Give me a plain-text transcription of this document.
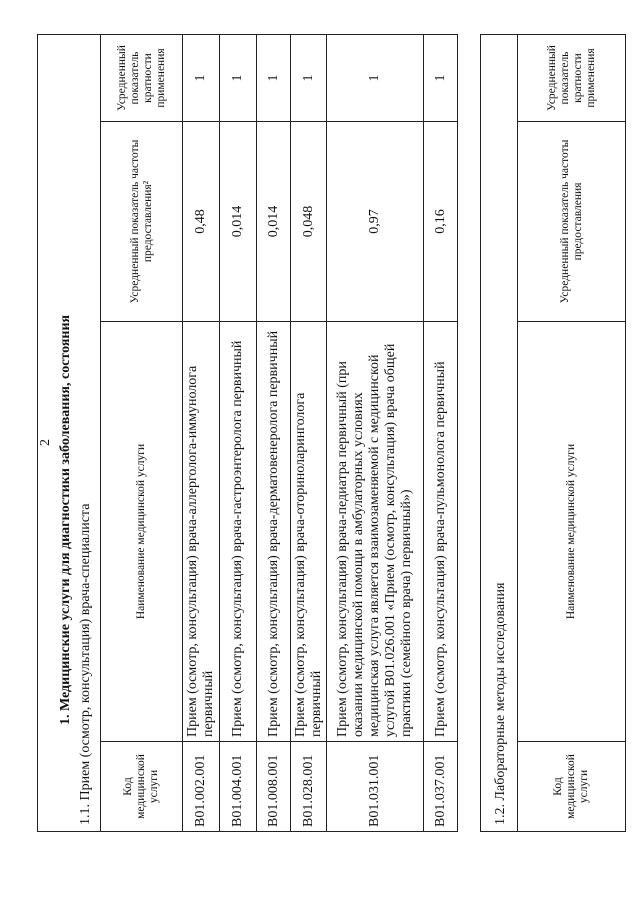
2 1. Медицинские услуги для диагностики заболевания, состояния 1.1. Прием (осмотр, консультация) врача-специалиста	Код медицинской услуги
Наименование медицинской услуги
Усредненный показатель частоты предоставления²
Усредненный показатель кратности применения
B01.002.001
Прием (осмотр, консультация) врача-аллерголога-иммунолога первичный
0,48
1
B01.004.001
Прием (осмотр, консультация) врача-гастроэнтеролога первичный
0,014
1
B01.008.001
Прием (осмотр, консультация) врача-дерматовенеролога первичный
0,014
1
B01.028.001
Прием (осмотр, консультация) врача-оториноларинголога первичный
0,048
1
B01.031.001
Прием (осмотр, консультация) врача-педиатра первичный (при оказании медицинской помощи в амбулаторных условиях медицинская услуга является взаимозаменяемой с медицинской услугой B01.026.001 «Прием (осмотр, консультация) врача общей практики (семейного врача) первичный»)
0,97
1
B01.037.001
Прием (осмотр, консультация) врача-пульмонолога первичный
0,16
1
1.2. Лабораторные методы исследования	Код медицинской услуги
Наименование медицинской услуги
Усредненный показатель частоты предоставления
Усредненный показатель кратности применения
